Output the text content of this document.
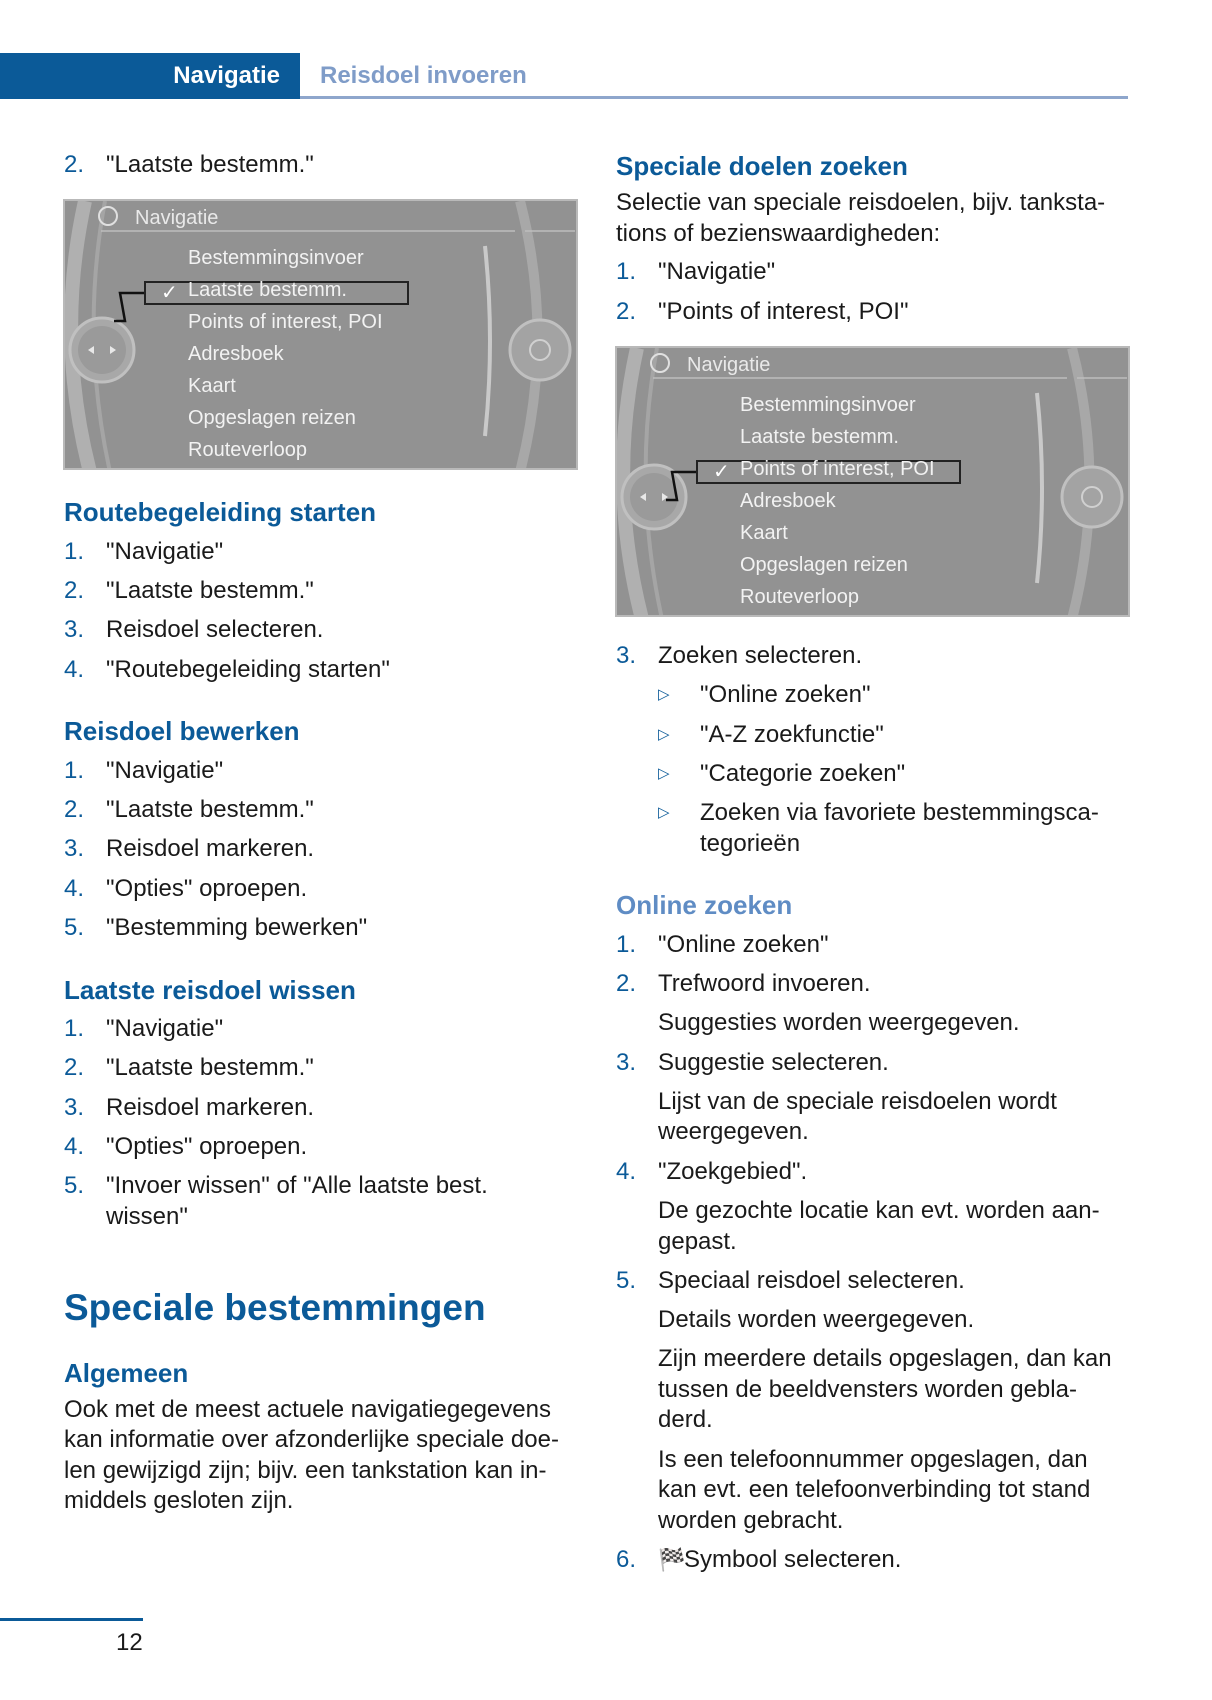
Navigatie Reisdoel invoeren
2. "Laatste bestemm."
Navigatie
✓
Bestemmingsinvoer
Laatste bestemm.
Points of interest, POI
Adresboek
Kaart
Opgeslagen reizen
Routeverloop
Routebegeleiding starten
1. "Navigatie"
2. "Laatste bestemm."
3. Reisdoel selecteren.
4. "Routebegeleiding starten"
Reisdoel bewerken
1. "Navigatie"
2. "Laatste bestemm."
3. Reisdoel markeren.
4. "Opties" oproepen.
5. "Bestemming bewerken"
Laatste reisdoel wissen
1. "Navigatie"
2. "Laatste bestemm."
3. Reisdoel markeren.
4. "Opties" oproepen.
5. "Invoer wissen" of "Alle laatste best.
wissen"
Speciale bestemmingen
Algemeen
Ook met de meest actuele navigatiegegevens
kan informatie over afzonderlijke speciale doe-
len gewijzigd zijn; bijv. een tankstation kan in-
middels gesloten zijn.
Speciale doelen zoeken
Selectie van speciale reisdoelen, bijv. tanksta-
tions of bezienswaardigheden:
1. "Navigatie"
2. "Points of interest, POI"
Navigatie
✓
Bestemmingsinvoer
Laatste bestemm.
Points of interest, POI
Adresboek
Kaart
Opgeslagen reizen
Routeverloop
3. Zoeken selecteren.
▷	"Online zoeken"
▷	"A-Z zoekfunctie"
▷	"Categorie zoeken"
▷	Zoeken via favoriete bestemmingsca-
tegorieën
Online zoeken
1. "Online zoeken"
2. Trefwoord invoeren.
Suggesties worden weergegeven.
3. Suggestie selecteren.
Lijst van de speciale reisdoelen wordt
weergegeven.
4. "Zoekgebied".
De gezochte locatie kan evt. worden aan-
gepast.
5. Speciaal reisdoel selecteren.
Details worden weergegeven.
Zijn meerdere details opgeslagen, dan kan
tussen de beeldvensters worden gebla-
derd.
Is een telefoonnummer opgeslagen, dan
kan evt. een telefoonverbinding tot stand
worden gebracht.
6. 🏁Symbool selecteren.
12
